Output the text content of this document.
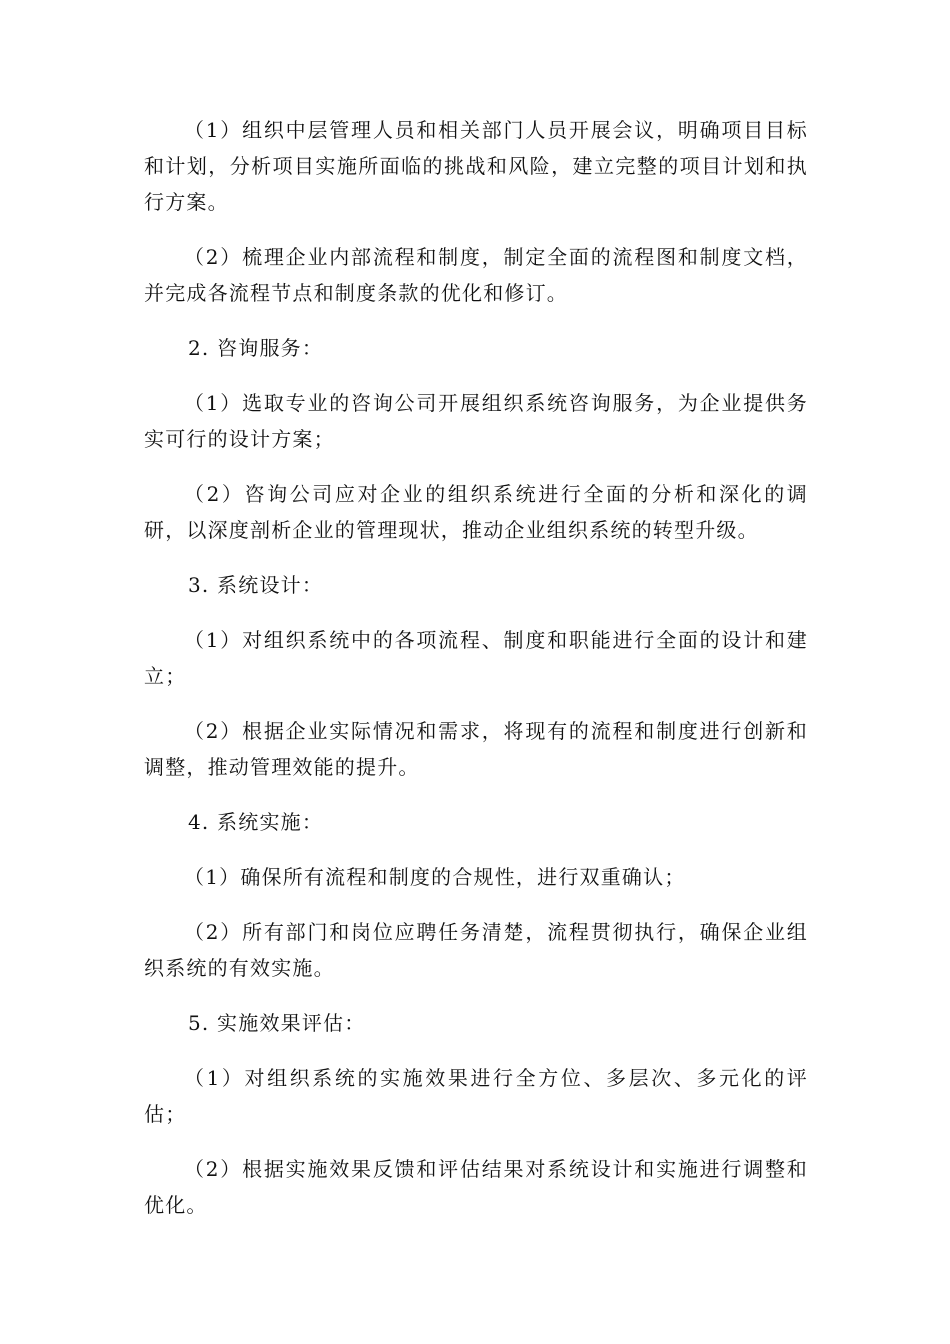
（1）组织中层管理人员和相关部门人员开展会议，明确项目目标和计划，分析项目实施所面临的挑战和风险，建立完整的项目计划和执行方案。

（2）梳理企业内部流程和制度，制定全面的流程图和制度文档，并完成各流程节点和制度条款的优化和修订。

2. 咨询服务：

（1）选取专业的咨询公司开展组织系统咨询服务，为企业提供务实可行的设计方案；

（2）咨询公司应对企业的组织系统进行全面的分析和深化的调研，以深度剖析企业的管理现状，推动企业组织系统的转型升级。

3. 系统设计：

（1）对组织系统中的各项流程、制度和职能进行全面的设计和建立；

（2）根据企业实际情况和需求，将现有的流程和制度进行创新和调整，推动管理效能的提升。

4. 系统实施：

（1）确保所有流程和制度的合规性，进行双重确认；

（2）所有部门和岗位应聘任务清楚，流程贯彻执行，确保企业组织系统的有效实施。

5. 实施效果评估：

（1）对组织系统的实施效果进行全方位、多层次、多元化的评估；

（2）根据实施效果反馈和评估结果对系统设计和实施进行调整和优化。
